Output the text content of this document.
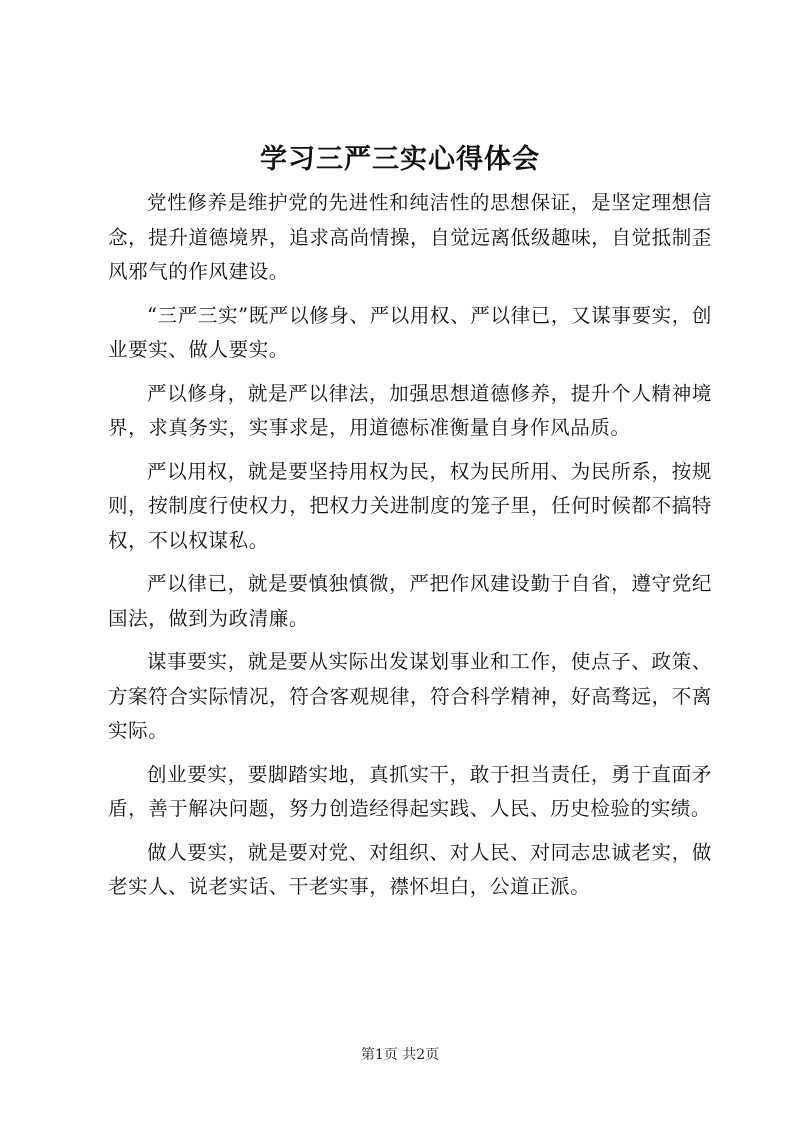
学习三严三实心得体会

党性修养是维护党的先进性和纯洁性的思想保证，是坚定理想信念，提升道德境界，追求高尚情操，自觉远离低级趣味，自觉抵制歪风邪气的作风建设。

“三严三实”既严以修身、严以用权、严以律已，又谋事要实，创业要实、做人要实。

严以修身，就是严以律法，加强思想道德修养，提升个人精神境界，求真务实，实事求是，用道德标准衡量自身作风品质。

严以用权，就是要坚持用权为民，权为民所用、为民所系，按规则，按制度行使权力，把权力关进制度的笼子里，任何时候都不搞特权，不以权谋私。

严以律已，就是要慎独慎微，严把作风建设勤于自省，遵守党纪国法，做到为政清廉。

谋事要实，就是要从实际出发谋划事业和工作，使点子、政策、方案符合实际情况，符合客观规律，符合科学精神，好高骛远，不离实际。

创业要实，要脚踏实地，真抓实干，敢于担当责任，勇于直面矛盾，善于解决问题，努力创造经得起实践、人民、历史检验的实绩。

做人要实，就是要对党、对组织、对人民、对同志忠诚老实，做老实人、说老实话、干老实事，襟怀坦白，公道正派。

第1页 共2页
